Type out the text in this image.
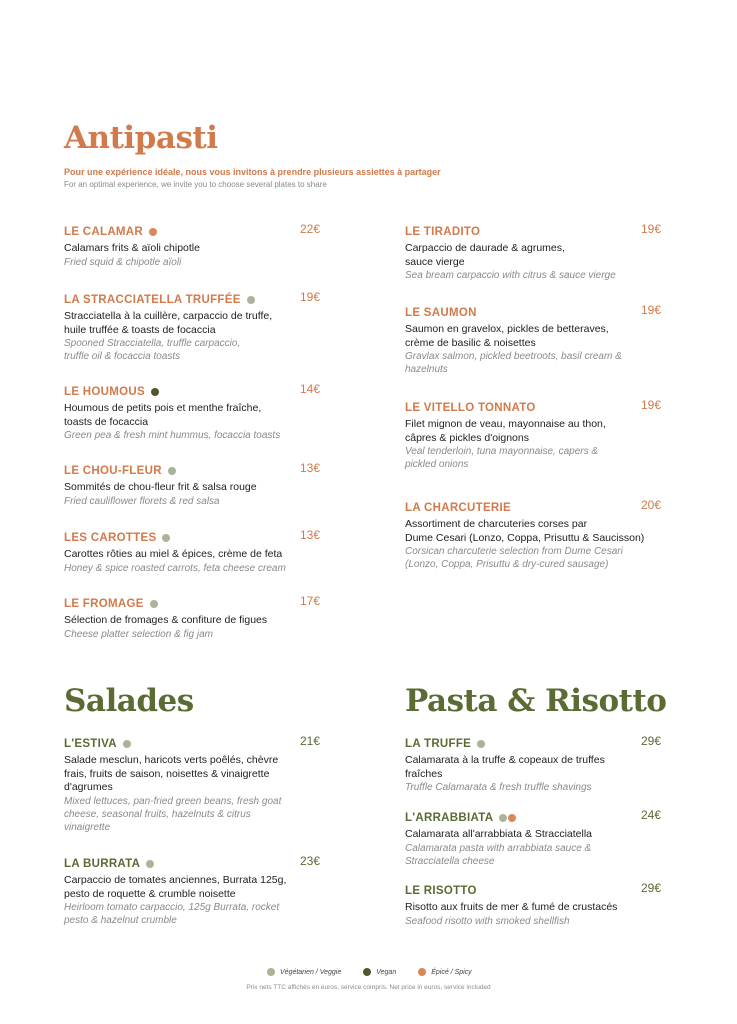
Antipasti
Pour une expérience idéale, nous vous invitons à prendre plusieurs assiettes à partager
For an optimal experience, we invite you to choose several plates to share
LE CALAMAR
Calamars frits & aïoli chipotle
Fried squid & chipotle aïoli
22€
LA STRACCIATELLA TRUFFÉE
Stracciatella à la cuillère, carpaccio de truffe,
huile truffée & toasts de focaccia
Spooned Stracciatella, truffle carpaccio,
truffle oil & focaccia toasts
19€
LE HOUMOUS
Houmous de petits pois et menthe fraîche,
toasts de focaccia
Green pea & fresh mint hummus, focaccia toasts
14€
LE CHOU-FLEUR
Sommités de chou-fleur frit & salsa rouge
Fried cauliflower florets & red salsa
13€
LES CAROTTES
Carottes rôties au miel & épices, crème de feta
Honey & spice roasted carrots, feta cheese cream
13€
LE FROMAGE
Sélection de fromages & confiture de figues
Cheese platter selection & fig jam
17€
LE TIRADITO
Carpaccio de daurade & agrumes,
sauce vierge
Sea bream carpaccio with citrus & sauce vierge
19€
LE SAUMON
Saumon en gravelox, pickles de betteraves,
crème de basilic & noisettes
Gravlax salmon, pickled beetroots, basil cream &
hazelnuts
19€
LE VITELLO TONNATO
Filet mignon de veau, mayonnaise au thon,
câpres & pickles d'oignons
Veal tenderloin, tuna mayonnaise, capers &
pickled onions
19€
LA CHARCUTERIE
Assortiment de charcuteries corses par
Dume Cesari (Lonzo, Coppa, Prisuttu & Saucisson)
Corsican charcuterie selection from Dume Cesari
(Lonzo, Coppa, Prisuttu & dry-cured sausage)
20€
Salades	Pasta & Risotto
L'ESTIVA
Salade mesclun, haricots verts poêlés, chèvre
frais, fruits de saison, noisettes & vinaigrette
d'agrumes
Mixed lettuces, pan-fried green beans, fresh goat
cheese, seasonal fruits, hazelnuts & citrus
vinaigrette
21€
LA BURRATA
Carpaccio de tomates anciennes, Burrata 125g,
pesto de roquette & crumble noisette
Heirloom tomato carpaccio, 125g Burrata, rocket
pesto & hazelnut crumble
23€
LA TRUFFE
Calamarata à la truffe & copeaux de truffes
fraîches
Truffle Calamarata & fresh truffle shavings
29€
L'ARRABBIATA
Calamarata all'arrabbiata & Stracciatella
Calamarata pasta with arrabbiata sauce &
Stracciatella cheese
24€
LE RISOTTO
Risotto aux fruits de mer & fumé de crustacés
Seafood risotto with smoked shellfish
29€
Végétarien / Veggie	Vegan	Épicé / Spicy
Prix nets TTC affichés en euros, service compris. Net price in euros, service included
